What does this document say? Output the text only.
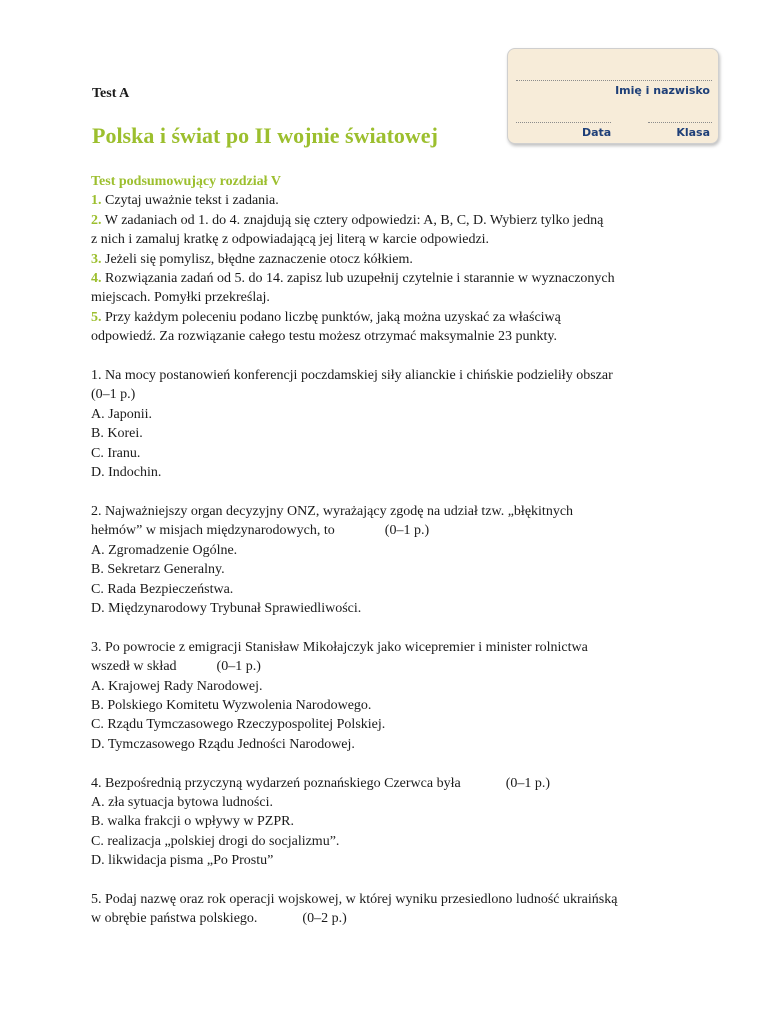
Imię i nazwisko
Data	Klasa
Test A
Polska i świat po II wojnie światowej
Test podsumowujący rozdział V
1. Czytaj uważnie tekst i zadania.
2. W zadaniach od 1. do 4. znajdują się cztery odpowiedzi: A, B, C, D. Wybierz tylko jedną
z nich i zamaluj kratkę z odpowiadającą jej literą w karcie odpowiedzi.
3. Jeżeli się pomylisz, błędne zaznaczenie otocz kółkiem.
4. Rozwiązania zadań od 5. do 14. zapisz lub uzupełnij czytelnie i starannie w wyznaczonych
miejscach. Pomyłki przekreślaj.
5. Przy każdym poleceniu podano liczbę punktów, jaką można uzyskać za właściwą
odpowiedź. Za rozwiązanie całego testu możesz otrzymać maksymalnie 23 punkty.
1. Na mocy postanowień konferencji poczdamskiej siły alianckie i chińskie podzieliły obszar
(0–1 p.)
A. Japonii.
B. Korei.
C. Iranu.
D. Indochin.
2. Najważniejszy organ decyzyjny ONZ, wyrażający zgodę na udział tzw. „błękitnych
hełmów” w misjach międzynarodowych, to	(0–1 p.)
A. Zgromadzenie Ogólne.
B. Sekretarz Generalny.
C. Rada Bezpieczeństwa.
D. Międzynarodowy Trybunał Sprawiedliwości.
3. Po powrocie z emigracji Stanisław Mikołajczyk jako wicepremier i minister rolnictwa
wszedł w skład	(0–1 p.)
A. Krajowej Rady Narodowej.
B. Polskiego Komitetu Wyzwolenia Narodowego.
C. Rządu Tymczasowego Rzeczypospolitej Polskiej.
D. Tymczasowego Rządu Jedności Narodowej.
4. Bezpośrednią przyczyną wydarzeń poznańskiego Czerwca była	(0–1 p.)
A. zła sytuacja bytowa ludności.
B. walka frakcji o wpływy w PZPR.
C. realizacja „polskiej drogi do socjalizmu”.
D. likwidacja pisma „Po Prostu”
5. Podaj nazwę oraz rok operacji wojskowej, w której wyniku przesiedlono ludność ukraińską
w obrębie państwa polskiego.	(0–2 p.)
